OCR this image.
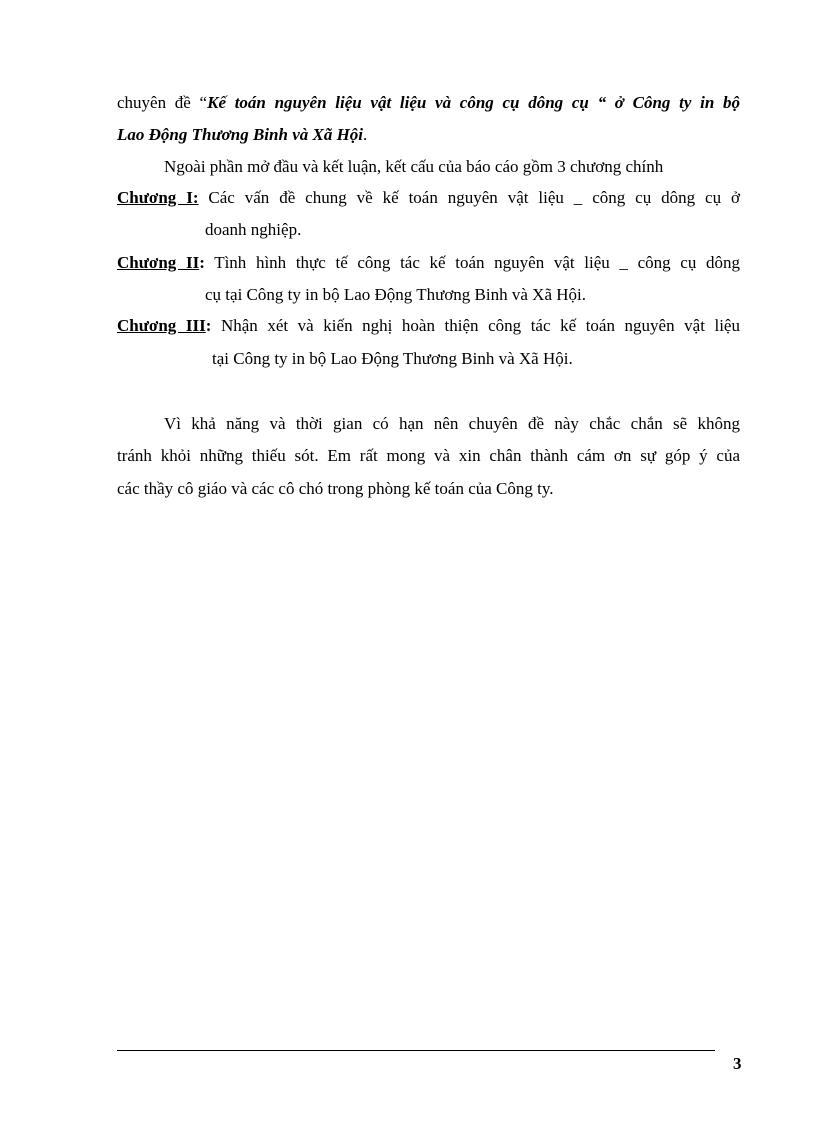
chuyên đề “Kế toán nguyên liệu vật liệu và công cụ dông cụ “ ở Công ty in bộ
Lao Động Thương Binh và Xã Hội.
Ngoài phần mở đầu và kết luận, kết cấu của báo cáo gồm 3 chương chính
Chương I: Các vấn đề chung về kế toán nguyên vật liệu _ công cụ dông cụ ở
doanh nghiệp.
Chương II: Tình hình thực tế công tác kế toán nguyên vật liệu _ công cụ dông
cụ tại Công ty in bộ Lao Động Thương Binh và Xã Hội.
Chương III: Nhận xét và kiến nghị hoàn thiện công tác kế toán nguyên vật liệu
tại Công ty in bộ Lao Động Thương Binh và Xã Hội.
Vì khả năng và thời gian có hạn nên chuyên đề này chắc chắn sẽ không
tránh khỏi những thiếu sót. Em rất mong và xin chân thành cám ơn sự góp ý của
các thầy cô giáo và các cô chó trong phòng kế toán của Công ty.
3
